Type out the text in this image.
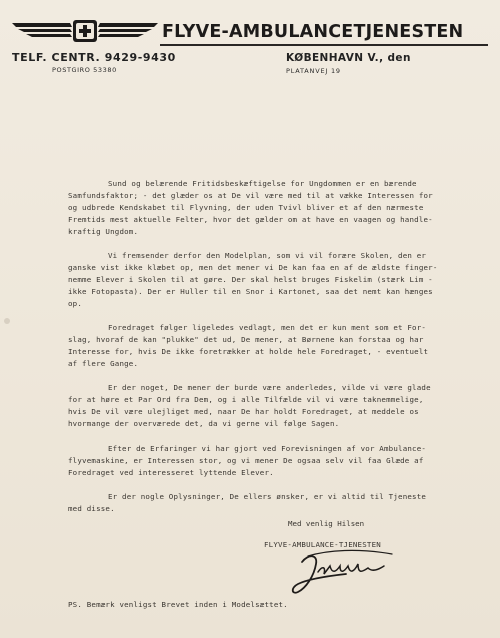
FLYVE-AMBULANCETJENESTEN
TELF. CENTR. 9429-9430
POSTGIRO 53380
KØBENHAVN V., den
PLATANVEJ 19

Sund og belærende Fritidsbeskæftigelse for Ungdommen er en bærende
Samfundsfaktor; - det glæder os at De vil være med til at vække Interessen for
og udbrede Kendskabet til Flyvning, der uden Tvivl bliver et af den nærmeste
Fremtids mest aktuelle Felter, hvor det gælder om at have en vaagen og handle-
kraftig Ungdom.

Vi fremsender derfor den Modelplan, som vi vil forære Skolen, den er
ganske vist ikke klæbet op, men det mener vi De kan faa en af de ældste finger-
nemme Elever i Skolen til at gøre. Der skal helst bruges Fiskelim (stærk Lim -
ikke Fotopasta). Der er Huller til en Snor i Kartonet, saa det nemt kan hænges
op.

Foredraget følger ligeledes vedlagt, men det er kun ment som et For-
slag, hvoraf de kan "plukke" det ud, De mener, at Børnene kan forstaa og har
Interesse for, hvis De ikke foretrækker at holde hele Foredraget, - eventuelt
af flere Gange.

Er der noget, De mener der burde være anderledes, vilde vi være glade
for at høre et Par Ord fra Dem, og i alle Tilfælde vil vi være taknemmelige,
hvis De vil være ulejliget med, naar De har holdt Foredraget, at meddele os
hvormange der overværede det, da vi gerne vil følge Sagen.

Efter de Erfaringer vi har gjort ved Forevisningen af vor Ambulance-
flyvemaskine, er Interessen stor, og vi mener De ogsaa selv vil faa Glæde af
Foredraget ved interesseret lyttende Elever.

Er der nogle Oplysninger, De ellers ønsker, er vi altid til Tjeneste
med disse.

Med venlig Hilsen
FLYVE-AMBULANCE-TJENESTEN
PS. Bemærk venligst Brevet inden i Modelsættet.
